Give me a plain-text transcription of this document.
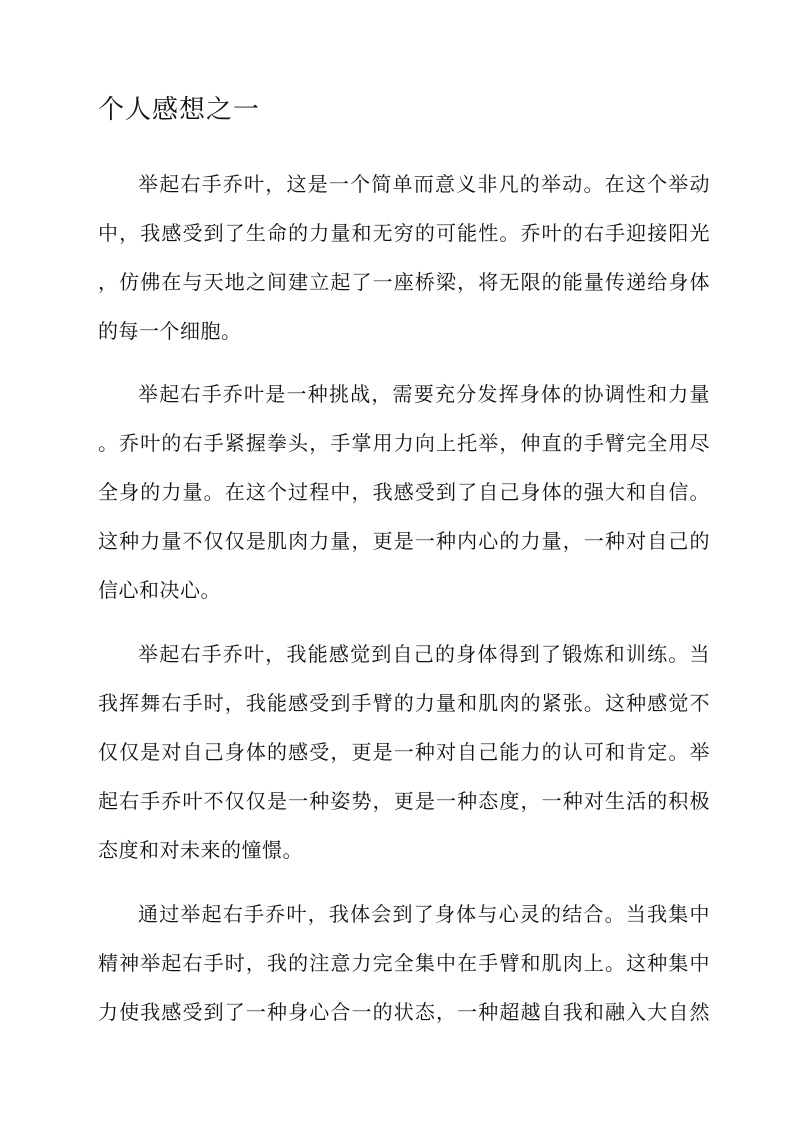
个人感想之一
举起右手乔叶，这是一个简单而意义非凡的举动。在这个举动
中，我感受到了生命的力量和无穷的可能性。乔叶的右手迎接阳光
，仿佛在与天地之间建立起了一座桥梁，将无限的能量传递给身体
的每一个细胞。
举起右手乔叶是一种挑战，需要充分发挥身体的协调性和力量
。乔叶的右手紧握拳头，手掌用力向上托举，伸直的手臂完全用尽
全身的力量。在这个过程中，我感受到了自己身体的强大和自信。
这种力量不仅仅是肌肉力量，更是一种内心的力量，一种对自己的
信心和决心。
举起右手乔叶，我能感觉到自己的身体得到了锻炼和训练。当
我挥舞右手时，我能感受到手臂的力量和肌肉的紧张。这种感觉不
仅仅是对自己身体的感受，更是一种对自己能力的认可和肯定。举
起右手乔叶不仅仅是一种姿势，更是一种态度，一种对生活的积极
态度和对未来的憧憬。
通过举起右手乔叶，我体会到了身体与心灵的结合。当我集中
精神举起右手时，我的注意力完全集中在手臂和肌肉上。这种集中
力使我感受到了一种身心合一的状态，一种超越自我和融入大自然
